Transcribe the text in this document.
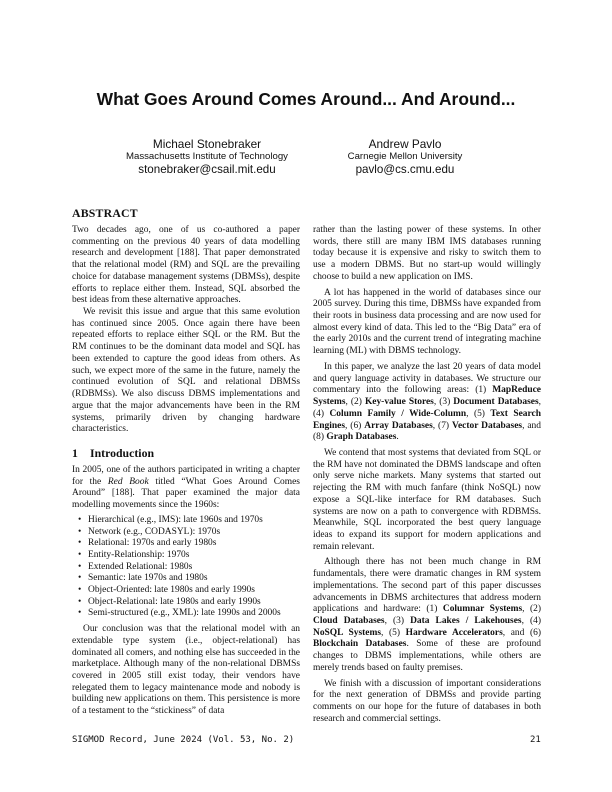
What Goes Around Comes Around... And Around...
Michael Stonebraker
Massachusetts Institute of Technology
stonebraker@csail.mit.edu
Andrew Pavlo
Carnegie Mellon University
pavlo@cs.cmu.edu
ABSTRACT

Two decades ago, one of us co-authored a paper commenting on the previous 40 years of data modelling research and development [188]. That paper demonstrated that the relational model (RM) and SQL are the prevailing choice for database management systems (DBMSs), despite efforts to replace either them. Instead, SQL absorbed the best ideas from these alternative approaches.

We revisit this issue and argue that this same evolution has continued since 2005. Once again there have been repeated efforts to replace either SQL or the RM. But the RM continues to be the dominant data model and SQL has been extended to capture the good ideas from others. As such, we expect more of the same in the future, namely the continued evolution of SQL and relational DBMSs (RDBMSs). We also discuss DBMS implementations and argue that the major advancements have been in the RM systems, primarily driven by changing hardware characteristics.

1 Introduction

In 2005, one of the authors participated in writing a chapter for the Red Book titled “What Goes Around Comes Around” [188]. That paper examined the major data modelling movements since the 1960s:

• Hierarchical (e.g., IMS): late 1960s and 1970s
• Network (e.g., CODASYL): 1970s
• Relational: 1970s and early 1980s
• Entity-Relationship: 1970s
• Extended Relational: 1980s
• Semantic: late 1970s and 1980s
• Object-Oriented: late 1980s and early 1990s
• Object-Relational: late 1980s and early 1990s
• Semi-structured (e.g., XML): late 1990s and 2000s

Our conclusion was that the relational model with an extendable type system (i.e., object-relational) has dominated all comers, and nothing else has succeeded in the marketplace. Although many of the non-relational DBMSs covered in 2005 still exist today, their vendors have relegated them to legacy maintenance mode and nobody is building new applications on them. This persistence is more of a testament to the “stickiness” of data

rather than the lasting power of these systems. In other words, there still are many IBM IMS databases running today because it is expensive and risky to switch them to use a modern DBMS. But no start-up would willingly choose to build a new application on IMS.

A lot has happened in the world of databases since our 2005 survey. During this time, DBMSs have expanded from their roots in business data processing and are now used for almost every kind of data. This led to the “Big Data” era of the early 2010s and the current trend of integrating machine learning (ML) with DBMS technology.

In this paper, we analyze the last 20 years of data model and query language activity in databases. We structure our commentary into the following areas: (1) MapReduce Systems, (2) Key-value Stores, (3) Document Databases, (4) Column Family / Wide-Column, (5) Text Search Engines, (6) Array Databases, (7) Vector Databases, and (8) Graph Databases.

We contend that most systems that deviated from SQL or the RM have not dominated the DBMS landscape and often only serve niche markets. Many systems that started out rejecting the RM with much fanfare (think NoSQL) now expose a SQL-like interface for RM databases. Such systems are now on a path to convergence with RDBMSs. Meanwhile, SQL incorporated the best query language ideas to expand its support for modern applications and remain relevant.

Although there has not been much change in RM fundamentals, there were dramatic changes in RM system implementations. The second part of this paper discusses advancements in DBMS architectures that address modern applications and hardware: (1) Columnar Systems, (2) Cloud Databases, (3) Data Lakes / Lakehouses, (4) NoSQL Systems, (5) Hardware Accelerators, and (6) Blockchain Databases. Some of these are profound changes to DBMS implementations, while others are merely trends based on faulty premises.

We finish with a discussion of important considerations for the next generation of DBMSs and provide parting comments on our hope for the future of databases in both research and commercial settings.

SIGMOD Record, June 2024 (Vol. 53, No. 2)	21
